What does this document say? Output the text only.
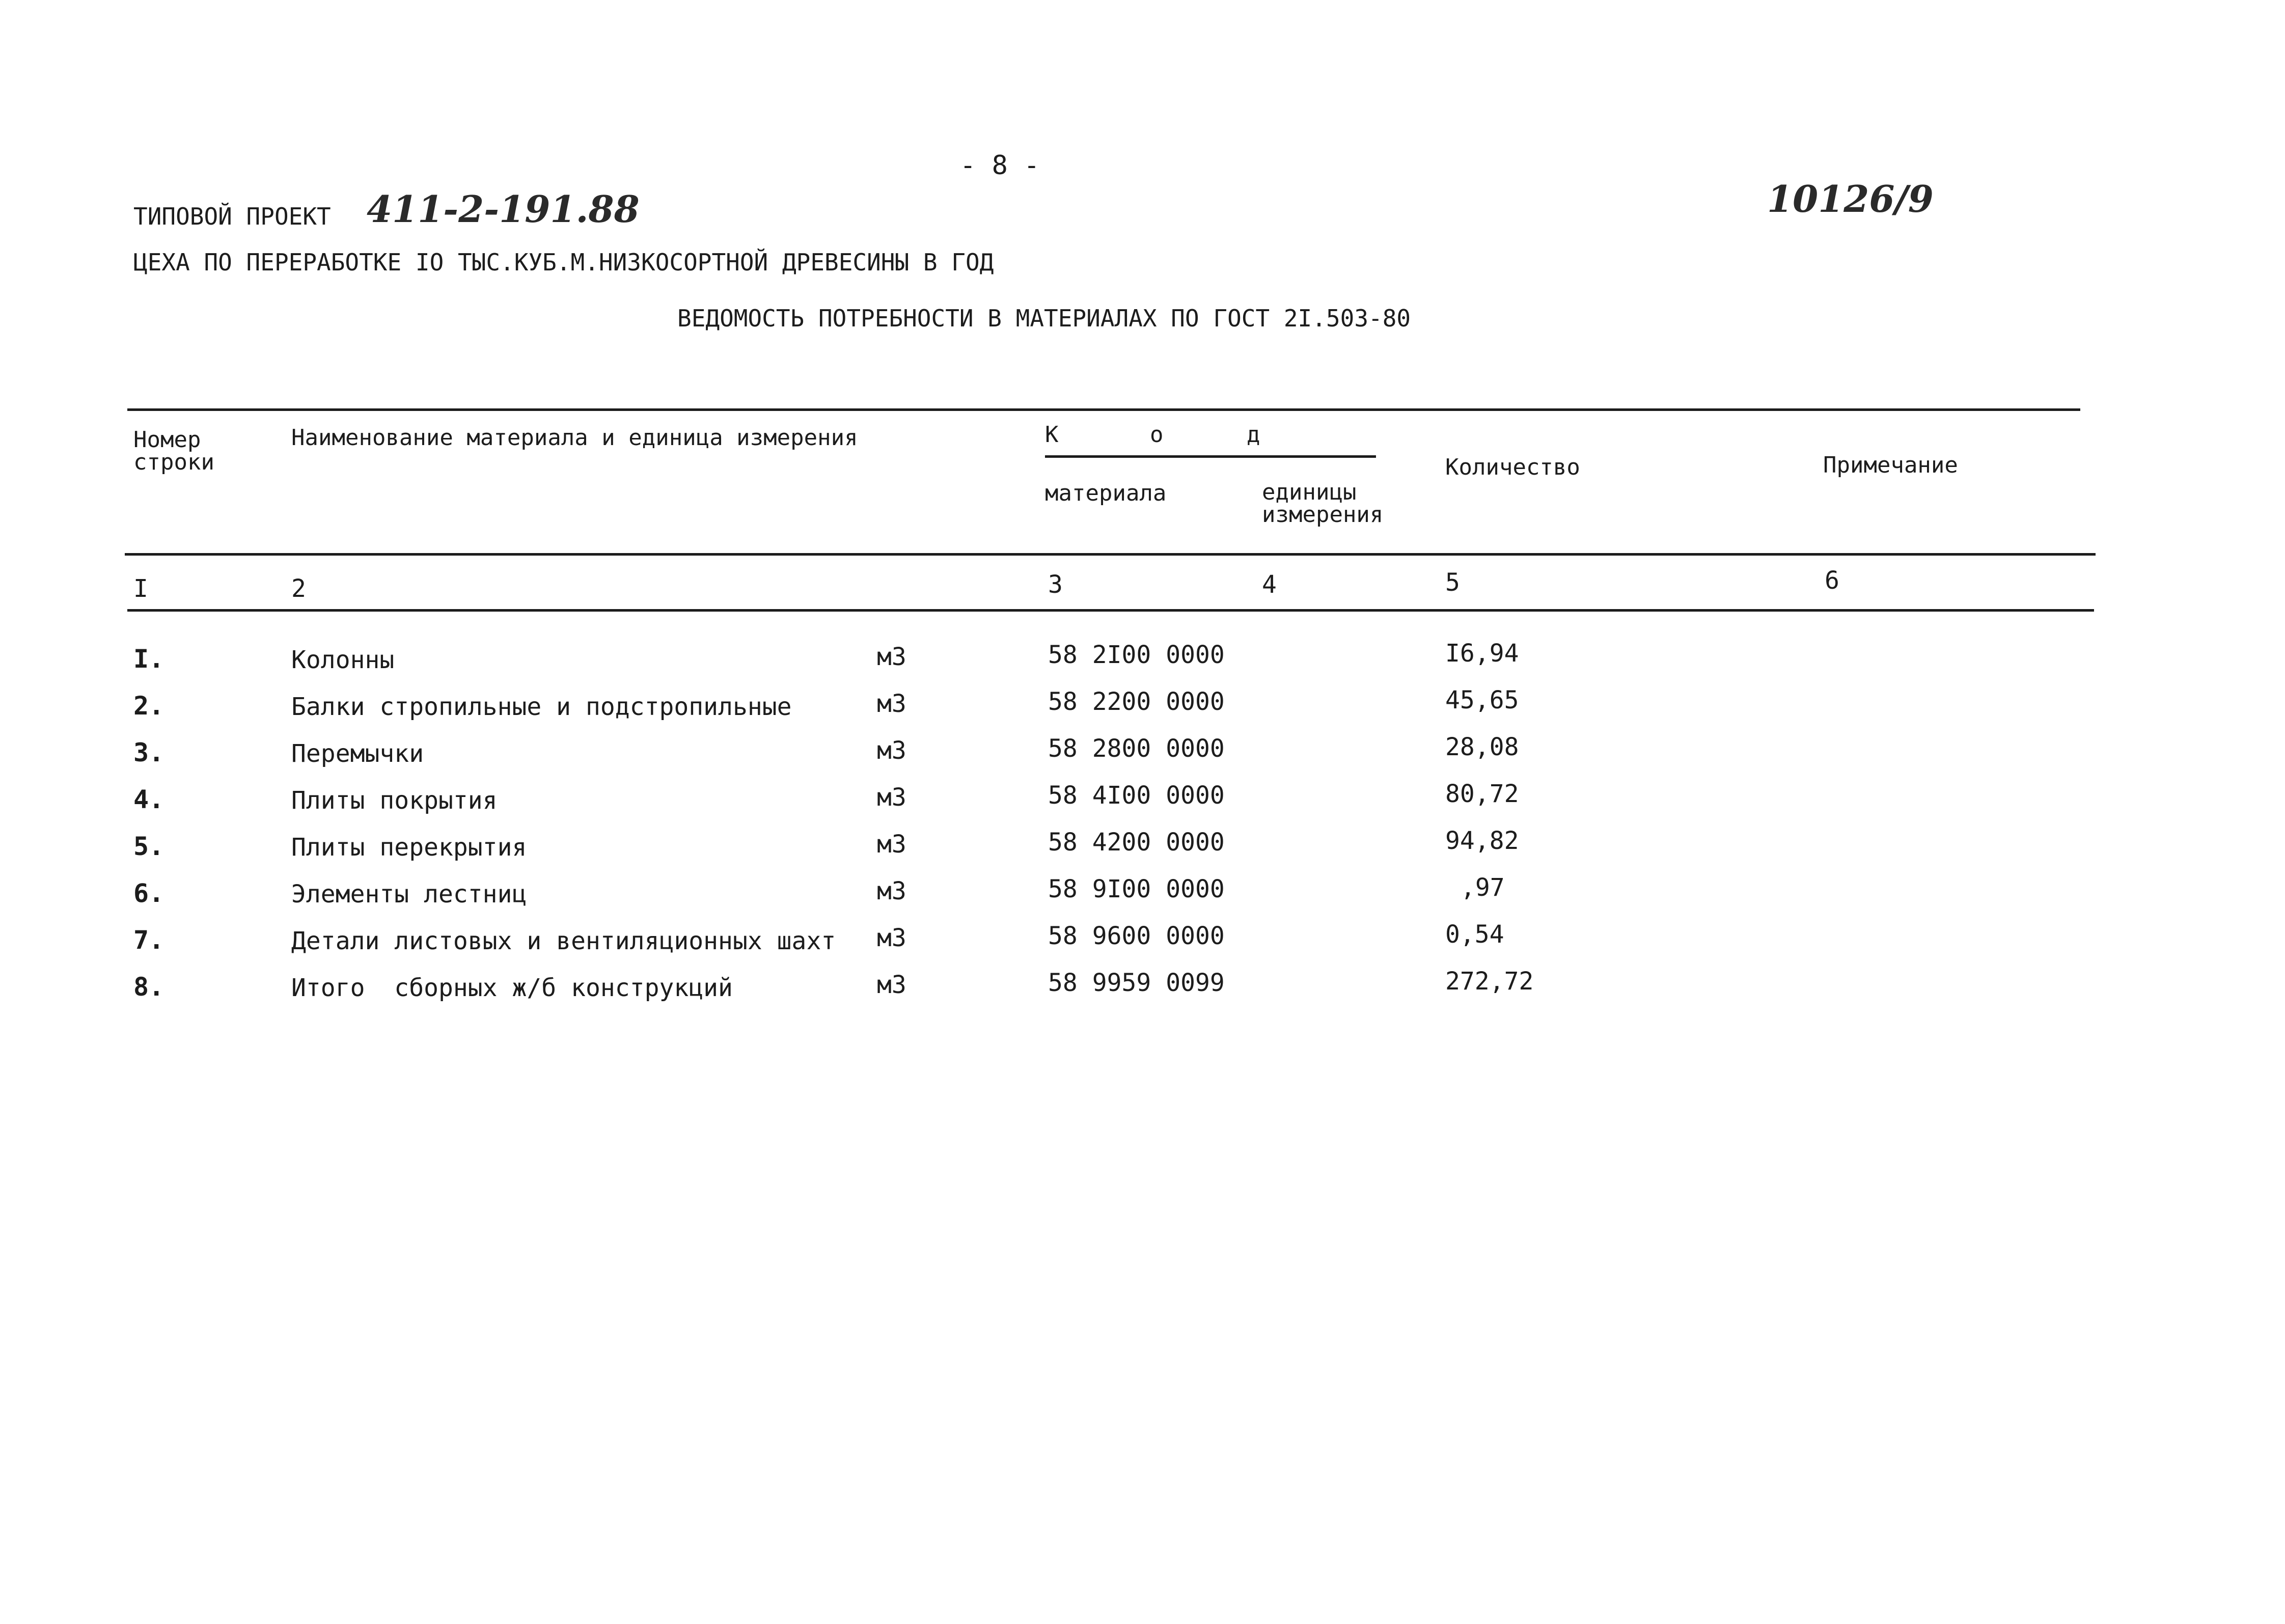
- 8 -
ТИПОВОЙ ПРОЕКТ 411-2-191.88	10126/9
ЦЕХА ПО ПЕРЕРАБОТКЕ IO ТЫС.КУБ.М.НИЗКОСОРТНОЙ ДРЕВЕСИНЫ В ГОД
ВЕДОМОСТЬ ПОТРЕБНОСТИ В МАТЕРИАЛАХ ПО ГОСТ 2I.503-80
Номер
строки
Наименование материала и единица измерения	К	о	д
материала	единицы
измерения
Количество	Примечание
I	2	3	4	5	6
I.	Колонны	м3	58 2I00 0000	I6,94
2.	Балки стропильные и подстропильные	м3	58 2200 0000	45,65
3.	Перемычки	м3	58 2800 0000	28,08
4.	Плиты покрытия	м3	58 4I00 0000	80,72
5.	Плиты перекрытия	м3	58 4200 0000	94,82
6.	Элементы лестниц	м3	58 9I00 0000	,97
7.	Детали листовых и вентиляционных шахт м3	58 9600 0000	0,54
8.	Итого  сборных ж/б конструкций	м3	58 9959 0099	272,72
